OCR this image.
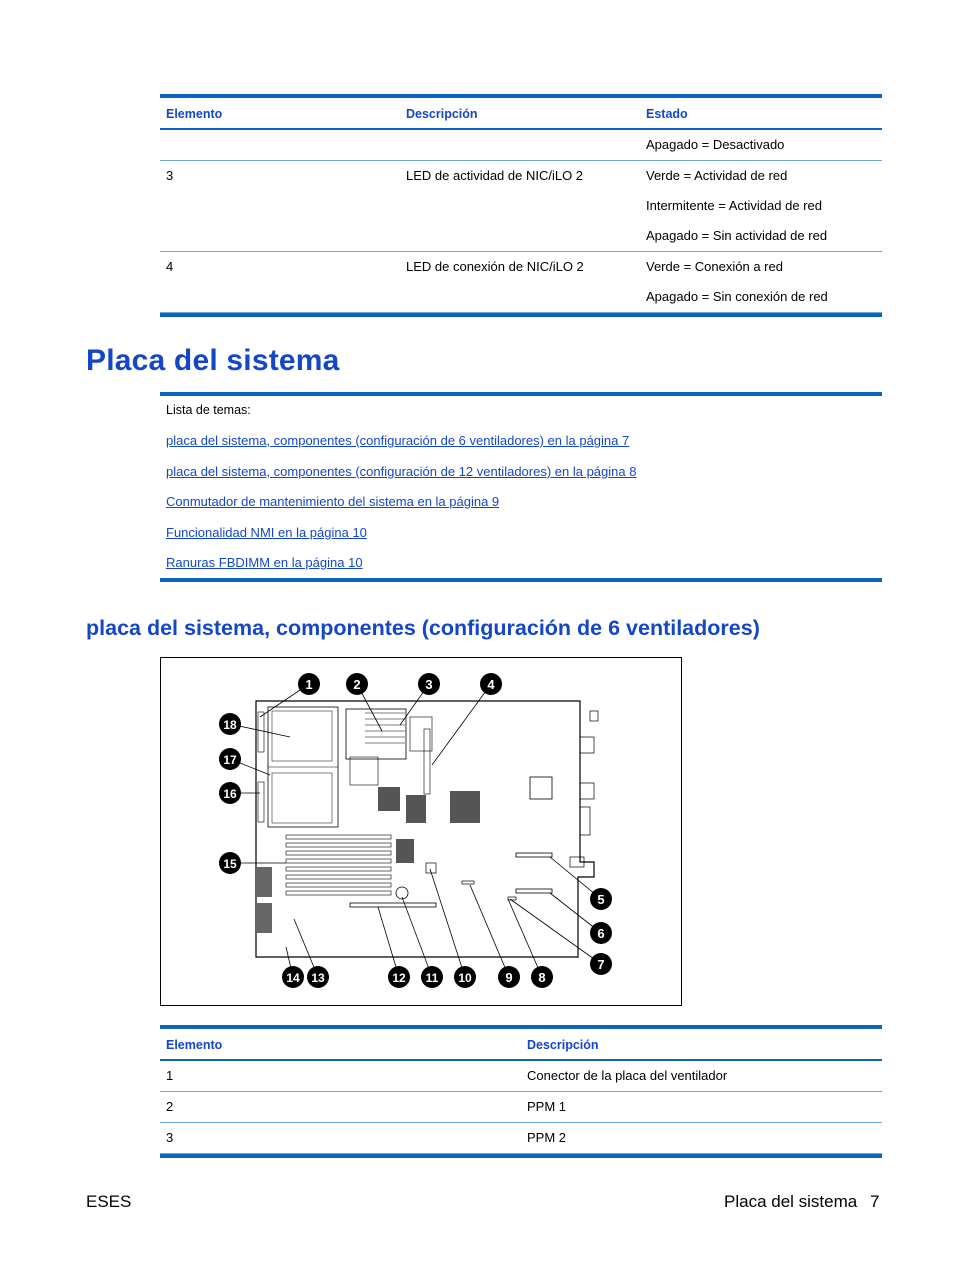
Elemento	Descripción	Estado
Apagado = Desactivado
3	LED de actividad de NIC/iLO 2	Verde = Actividad de red
Intermitente = Actividad de red
Apagado = Sin actividad de red
4	LED de conexión de NIC/iLO 2	Verde = Conexión a red
Apagado = Sin conexión de red
Placa del sistema
Lista de temas:
placa del sistema, componentes (configuración de 6 ventiladores) en la página 7
placa del sistema, componentes (configuración de 12 ventiladores) en la página 8
Conmutador de mantenimiento del sistema en la página 9
Funcionalidad NMI en la página 10
Ranuras FBDIMM en la página 10
placa del sistema, componentes (configuración de 6 ventiladores)
1	2	3	4
5
6
7
8
9
10
11
12
13
14
15
16
17
18
Elemento	Descripción
1	Conector de la placa del ventilador
2	PPM 1
3	PPM 2
ESES	Placa del sistema 7
